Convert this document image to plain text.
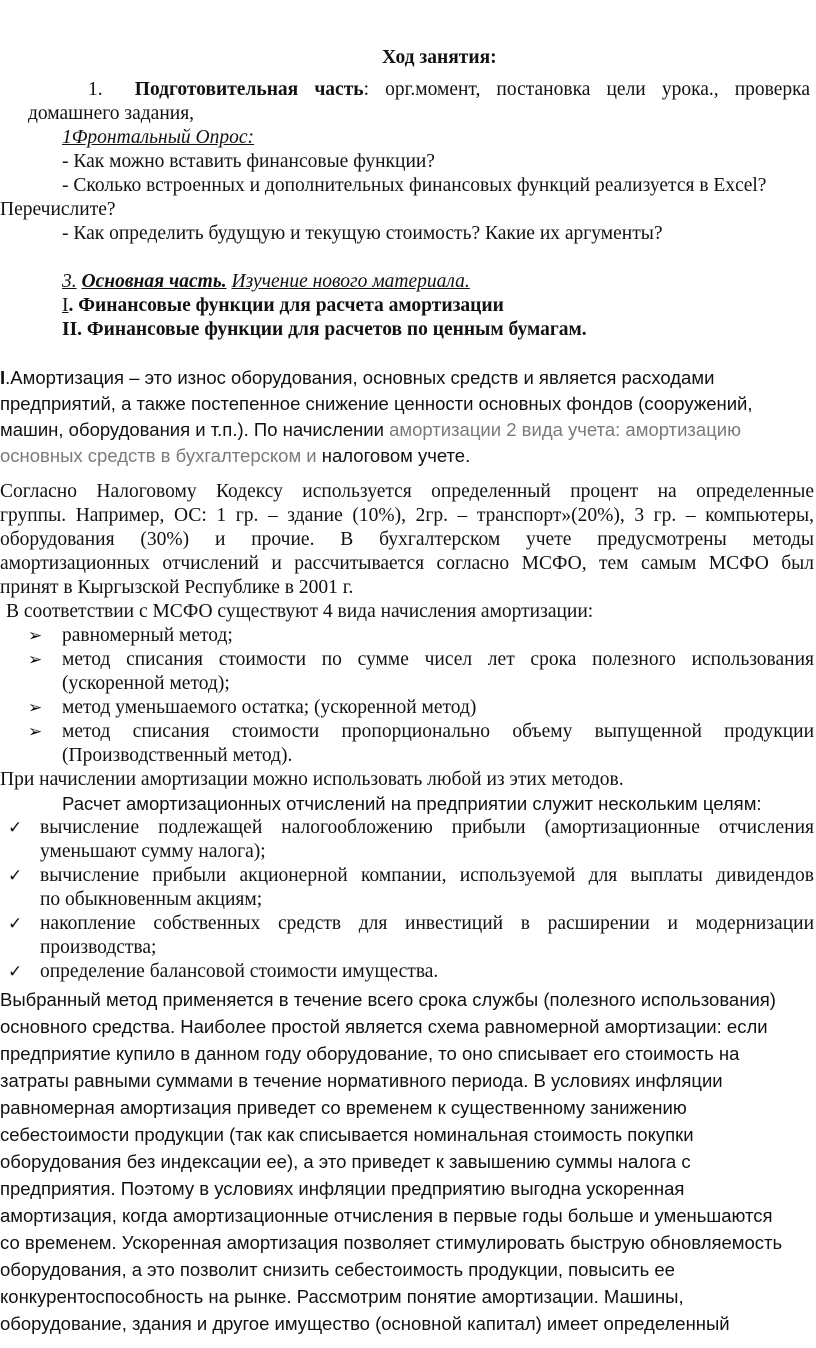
Ход занятия:
1. Подготовительная часть: орг.момент, постановка цели урока., проверка
домашнего задания,
1Фронтальный Опрос:
- Как можно вставить финансовые функции?
- Сколько встроенных и дополнительных финансовых функций реализуется в Excel?
Перечислите?
- Как определить будущую и текущую стоимость? Какие их аргументы?
3. Основная часть. Изучение нового материала.
I. Финансовые функции для расчета амортизации
II. Финансовые функции для расчетов по ценным бумагам.
I.Амортизация – это износ оборудования, основных средств и является расходами
предприятий, а также постепенное снижение ценности основных фондов (сооружений,
машин, оборудования и т.п.). По начислении амортизации 2 вида учета: амортизацию
основных средств в бухгалтерском и налоговом учете.
Согласно Налоговому Кодексу используется определенный процент на определенные
группы. Например, ОС: 1 гр. – здание (10%), 2гр. – транспорт»(20%), 3 гр. – компьютеры,
оборудования (30%) и прочие. В бухгалтерском учете предусмотрены методы
амортизационных отчислений и рассчитывается согласно МСФО, тем самым МСФО был
принят в Кыргызской Республике в 2001 г.
В соответствии с МСФО существуют 4 вида начисления амортизации:
➢ равномерный метод;
➢ метод списания стоимости по сумме чисел лет срока полезного использования
(ускоренной метод);
➢ метод уменьшаемого остатка; (ускоренной метод)
➢ метод списания стоимости пропорционально объему выпущенной продукции
(Производственный метод).
При начислении амортизации можно использовать любой из этих методов.
Расчет амортизационных отчислений на предприятии служит нескольким целям:
✓ вычисление подлежащей налогообложению прибыли (амортизационные отчисления
уменьшают сумму налога);
✓ вычисление прибыли акционерной компании, используемой для выплаты дивидендов
по обыкновенным акциям;
✓ накопление собственных средств для инвестиций в расширении и модернизации
производства;
✓ определение балансовой стоимости имущества.
Выбранный метод применяется в течение всего срока службы (полезного использования)
основного средства. Наиболее простой является схема равномерной амортизации: если
предприятие купило в данном году оборудование, то оно списывает его стоимость на
затраты равными суммами в течение нормативного периода. В условиях инфляции
равномерная амортизация приведет со временем к существенному занижению
себестоимости продукции (так как списывается номинальная стоимость покупки
оборудования без индексации ее), а это приведет к завышению суммы налога с
предприятия. Поэтому в условиях инфляции предприятию выгодна ускоренная
амортизация, когда амортизационные отчисления в первые годы больше и уменьшаются
со временем. Ускоренная амортизация позволяет стимулировать быструю обновляемость
оборудования, а это позволит снизить себестоимость продукции, повысить ее
конкурентоспособность на рынке. Рассмотрим понятие амортизации. Машины,
оборудование, здания и другое имущество (основной капитал) имеет определенный
